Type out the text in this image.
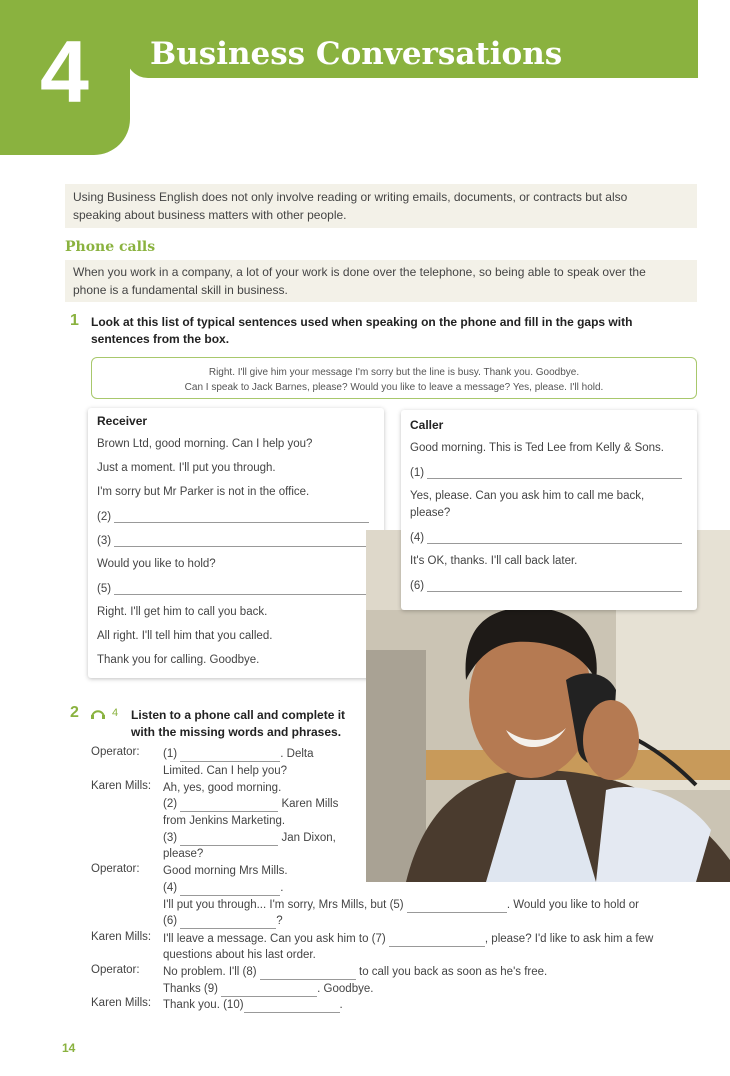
4 Business Conversations
Using Business English does not only involve reading or writing emails, documents, or contracts but also
speaking about business matters with other people.
Phone calls
When you work in a company, a lot of your work is done over the telephone, so being able to speak over the
phone is a fundamental skill in business.
1 Look at this list of typical sentences used when speaking on the phone and fill in the gaps with
sentences from the box.
Right. I'll give him your message I'm sorry but the line is busy. Thank you. Goodbye.
Can I speak to Jack Barnes, please? Would you like to leave a message? Yes, please. I'll hold.
Receiver
Brown Ltd, good morning. Can I help you?
Just a moment. I'll put you through.
I'm sorry but Mr Parker is not in the office.
(2)
(3)
Would you like to hold?
(5)
Right. I'll get him to call you back.
All right. I'll tell him that you called.
Thank you for calling. Goodbye.
Caller
Good morning. This is Ted Lee from Kelly & Sons.
(1)
Yes, please. Can you ask him to call me back,
please?
(4)
It's OK, thanks. I'll call back later.
(6)
2	4 Listen to a phone call and complete it
with the missing words and phrases.
Operator: (1)	. Delta
Limited. Can I help you?
Karen Mills: Ah, yes, good morning.
(2)	Karen Mills
from Jenkins Marketing.
(3)	Jan Dixon,
please?
Operator: Good morning Mrs Mills.
(4)	.
I'll put you through... I'm sorry, Mrs Mills, but (5)	. Would you like to hold or
(6)	?
Karen Mills: I'll leave a message. Can you ask him to (7)	, please? I'd like to ask him a few
questions about his last order.
Operator: No problem. I'll (8)	to call you back as soon as he's free.
Thanks (9)	. Goodbye.
Karen Mills: Thank you. (10)	.
14
